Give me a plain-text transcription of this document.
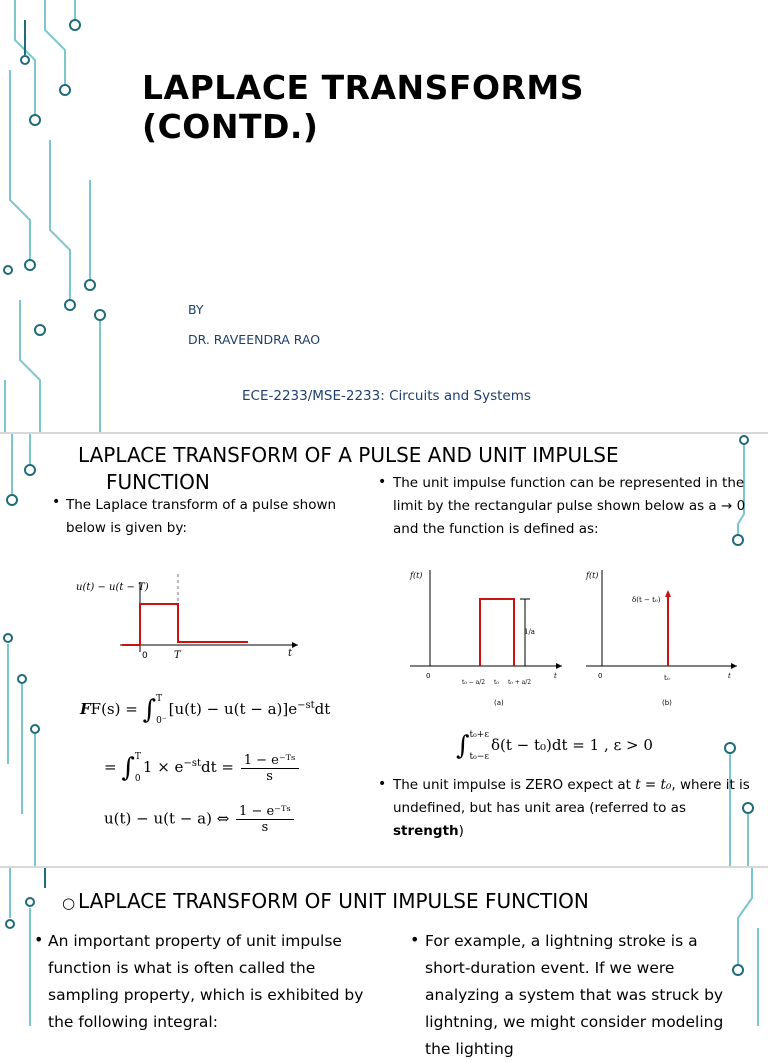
LAPLACE TRANSFORMS (CONTD.)
BY
DR. RAVEENDRA RAO
ECE-2233/MSE-2233: Circuits and Systems
LAPLACE TRANSFORM OF A PULSE AND UNIT IMPULSE
FUNCTION
• The Laplace transform of a pulse shown below is given by:
u(t) − u(t − T)
0	T	t
FF(s) = ∫ T
0⁻
$[u(t) - u(t - a)]e^{-st}dt$
= ∫ T
0
$1 \times e^{-st}dt = \frac{\text{1 − e⁻ᵀˢ}}{s}$
u(t) − u(t − a) ⇔ $\frac{\text{1 − e⁻ᵀˢ}}{s}$
• The unit impulse function can be represented in the limit by the rectangular pulse shown below as a → 0 and the function is defined as:
f(t)
0
t₀ − a/2 t₀ t₀ + a/2
t
1/a
(a)
f(t)
0
δ(t − t₀)
t₀	t
(b)
∫ t₀+ε
t₀−ε
δ(t − t₀)dt = 1 , ε > 0
• The unit impulse is ZERO expect at t = t₀, where it is undefined, but has unit area (referred to as strength)
○ LAPLACE TRANSFORM OF UNIT IMPULSE FUNCTION
• An important property of unit impulse function is what is often called the sampling property, which is exhibited by the following integral:
• For example, a lightning stroke is a short-duration event. If we were analyzing a system that was struck by lightning, we might consider modeling the lighting
